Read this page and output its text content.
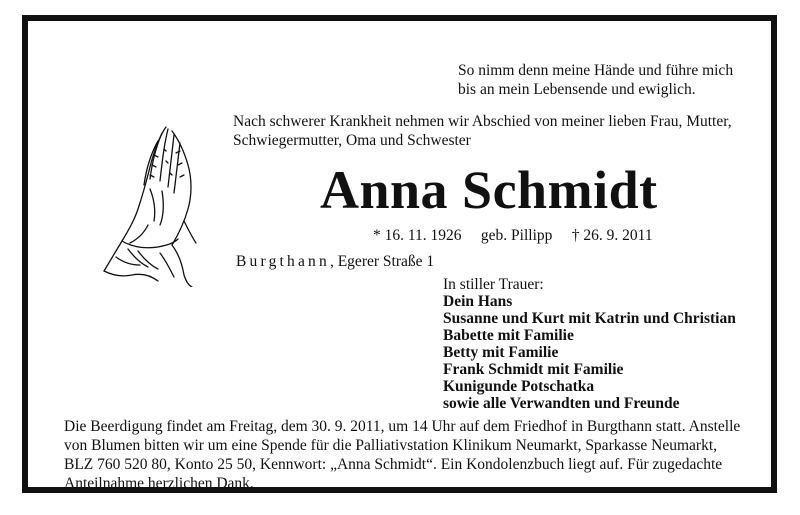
So nimm denn meine Hände und führe mich
bis an mein Lebensende und ewiglich.
Nach schwerer Krankheit nehmen wir Abschied von meiner lieben Frau, Mutter,
Schwiegermutter, Oma und Schwester
Anna Schmidt
* 16. 11. 1926     geb. Pillipp     † 26. 9. 2011
Burgthann, Egerer Straße 1
In stiller Trauer:
Dein Hans
Susanne und Kurt mit Katrin und Christian
Babette mit Familie
Betty mit Familie
Frank Schmidt mit Familie
Kunigunde Potschatka
sowie alle Verwandten und Freunde
Die Beerdigung findet am Freitag, dem 30. 9. 2011, um 14 Uhr auf dem Friedhof in Burgthann statt. Anstelle
von Blumen bitten wir um eine Spende für die Palliativstation Klinikum Neumarkt, Sparkasse Neumarkt,
BLZ 760 520 80, Konto 25 50, Kennwort: „Anna Schmidt“. Ein Kondolenzbuch liegt auf. Für zugedachte
Anteilnahme herzlichen Dank.
